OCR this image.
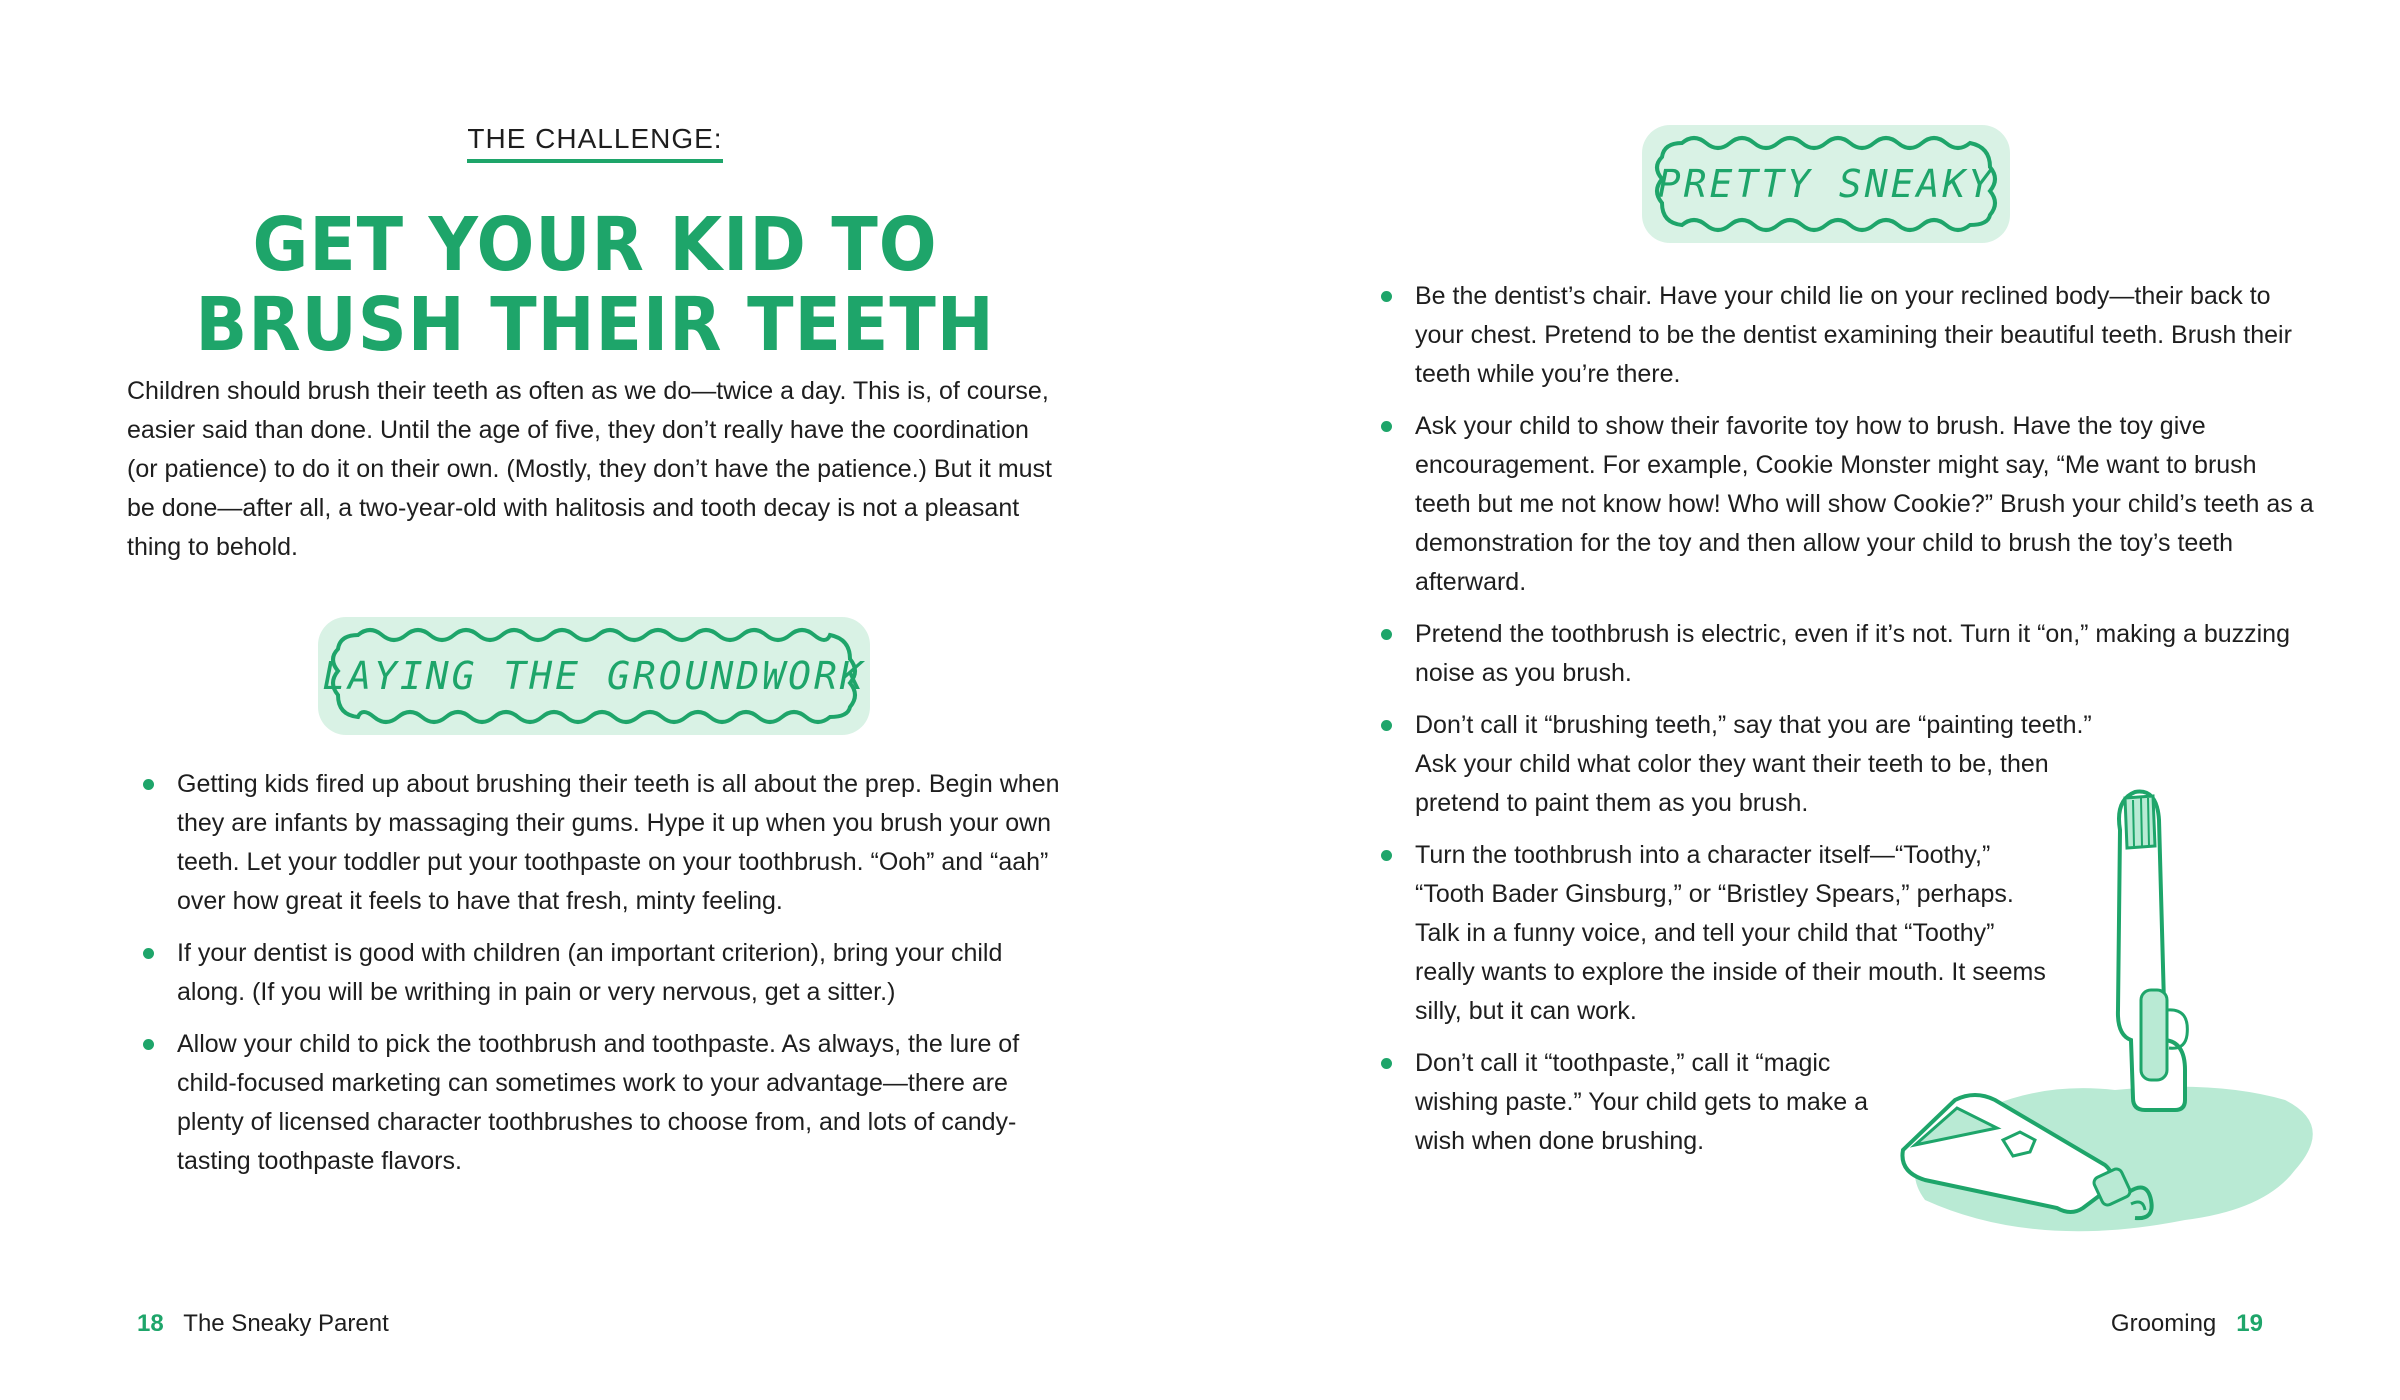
THE CHALLENGE:
GET YOUR KID TO
BRUSH THEIR TEETH

Children should brush their teeth as often as we do—twice a day. This is, of course, easier said than done. Until the age of five, they don’t really have the coordination (or patience) to do it on their own. (Mostly, they don’t have the patience.) But it must be done—after all, a two-year-old with halitosis and tooth decay is not a pleasant thing to behold.

LAYING THE GROUNDWORK
Getting kids fired up about brushing their teeth is all about the prep. Begin when they are infants by massaging their gums. Hype it up when you brush your own teeth. Let your toddler put your toothpaste on your toothbrush. “Ooh” and “aah” over how great it feels to have that fresh, minty feeling.
If your dentist is good with children (an important criterion), bring your child along. (If you will be writhing in pain or very nervous, get a sitter.)
Allow your child to pick the toothbrush and toothpaste. As always, the lure of child-focused marketing can sometimes work to your advantage—there are plenty of licensed character toothbrushes to choose from, and lots of candy-tasting toothpaste flavors.
18 The Sneaky Parent
PRETTY SNEAKY
Grooming 19
Be the dentist’s chair. Have your child lie on your reclined body—their back to your chest. Pretend to be the dentist examining their beautiful teeth. Brush their teeth while you’re there.
Ask your child to show their favorite toy how to brush. Have the toy give encouragement. For example, Cookie Monster might say, “Me want to brush teeth but me not know how! Who will show Cookie?” Brush your child’s teeth as a demonstration for the toy and then allow your child to brush the toy’s teeth afterward.
Pretend the toothbrush is electric, even if it’s not. Turn it “on,” making a buzzing noise as you brush.
Don’t call it “brushing teeth,” say that you are “painting teeth.” Ask your child what color they want their teeth to be, then pretend to paint them as you brush.
Turn the toothbrush into a character itself—“Toothy,” “Tooth Bader Ginsburg,” or “Bristley Spears,” perhaps. Talk in a funny voice, and tell your child that “Toothy” really wants to explore the inside of their mouth. It seems silly, but it can work.
Don’t call it “toothpaste,” call it “magic wishing paste.” Your child gets to make a wish when done brushing.
